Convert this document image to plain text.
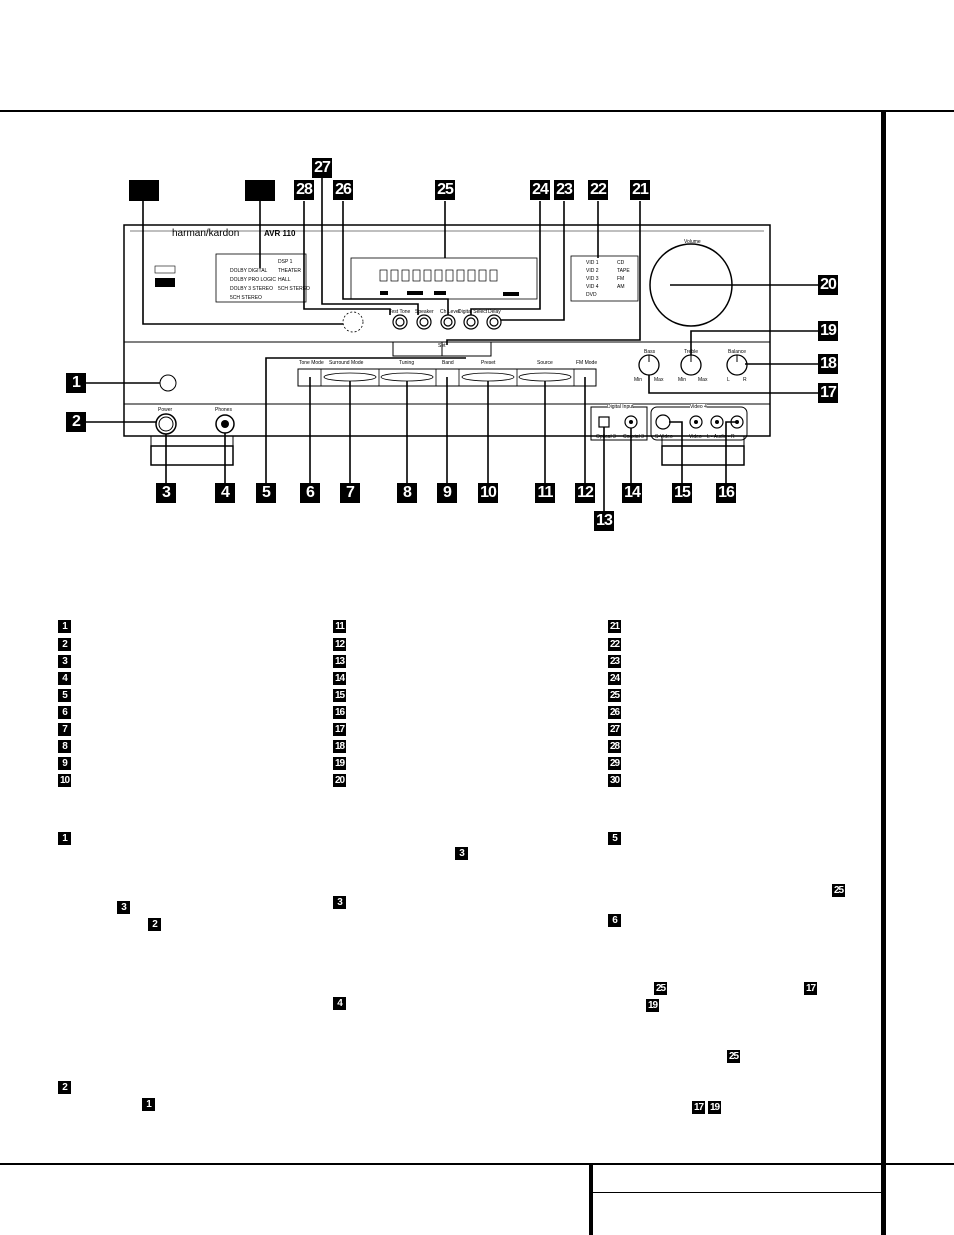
harman/kardon	AVR 110
Volume
Bass	Treble	Balance
Min Max	Min Max	L	R
Power	Phones
Test Tone Speaker Ch Level
Digital Select Delay
Set
Tone Mode Surround Mode	Tuning	Band	Preset	Source	FM Mode
Digital Input
Optical 3 Coaxial 3
Video 4
S-Video	Video L - Audio - R
DOLBY DIGITAL
DOLBY PRO LOGIC
DOLBY 3 STEREO
5CH STEREO
DSP 1
THEATER
HALL
5CH STEREO
VID 1
VID 2
VID 3
VID 4
DVD
CD
TAPE
FM
AM
28
27
26	25	24 23 22 21
20
19
18
17
1
2
3	4	5	6	7	8	9	10	11 12
13
14 15 16
1
2
3
4
5
6
7
8
9
10
11
12
13
14
15
16
17
18
19
20
21
22
23
24
25
26
27
28
29
30
1
3
2
2
1
3
3
4
5
25
6
25	17
19
25
17 19
